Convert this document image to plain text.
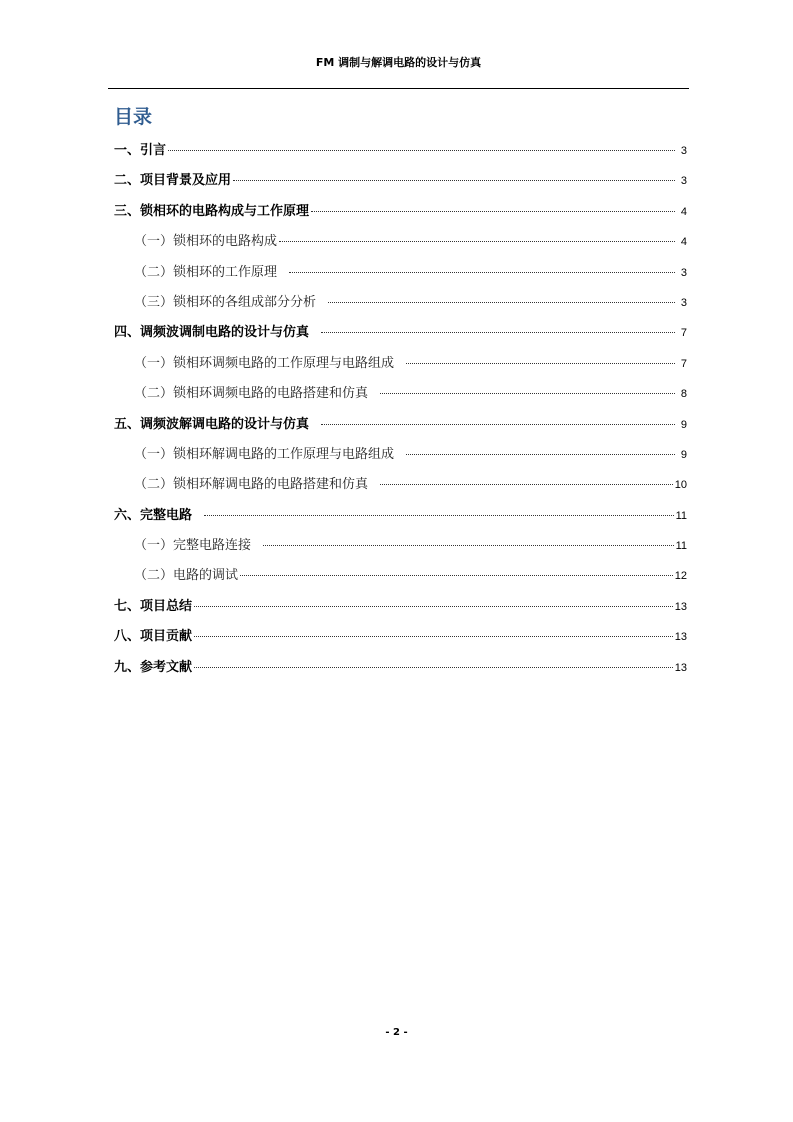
FM 调制与解调电路的设计与仿真
目录
一、引言	3
二、项目背景及应用	3
三、锁相环的电路构成与工作原理	4
（一）锁相环的电路构成	4
（二）锁相环的工作原理	3
（三）锁相环的各组成部分分析	3
四、调频波调制电路的设计与仿真	7
（一）锁相环调频电路的工作原理与电路组成	7
（二）锁相环调频电路的电路搭建和仿真	8
五、调频波解调电路的设计与仿真	9
（一）锁相环解调电路的工作原理与电路组成	9
（二）锁相环解调电路的电路搭建和仿真	10
六、完整电路	11
（一）完整电路连接	11
（二）电路的调试	12
七、项目总结	13
八、项目贡献	13
九、参考文献	13
- 2 -
